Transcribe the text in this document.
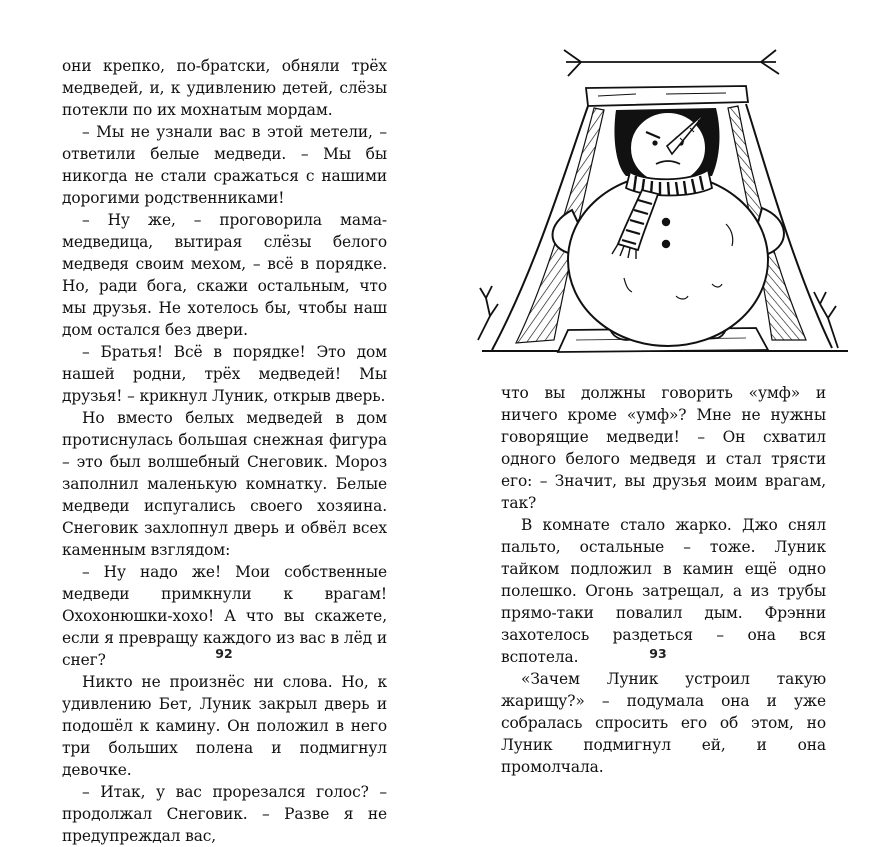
они крепко, по-братски, обняли трёх медведей, и, к удивлению детей, слёзы потекли по их мохнатым мордам.

– Мы не узнали вас в этой метели, – ответили белые медведи. – Мы бы никогда не стали сражаться с нашими дорогими родственниками!

– Ну же, – проговорила мама-медведица, вытирая слёзы белого медведя своим мехом, – всё в порядке. Но, ради бога, скажи остальным, что мы друзья. Не хотелось бы, чтобы наш дом остался без двери.

– Братья! Всё в порядке! Это дом нашей родни, трёх медведей! Мы друзья! – крикнул Луник, открыв дверь.

Но вместо белых медведей в дом протиснулась большая снежная фигура – это был волшебный Снеговик. Мороз заполнил маленькую комнатку. Белые медведи испугались своего хозяина. Снеговик захлопнул дверь и обвёл всех каменным взглядом:

– Ну надо же! Мои собственные медведи примкнули к врагам! Охохонюшки-хохо! А что вы скажете, если я превращу каждого из вас в лёд и снег?

Никто не произнёс ни слова. Но, к удивлению Бет, Луник закрыл дверь и подошёл к камину. Он положил в него три больших полена и подмигнул девочке.

– Итак, у вас прорезался голос? – продолжал Снеговик. – Разве я не предупреждал вас,

92

что вы должны говорить «умф» и ничего кроме «умф»? Мне не нужны говорящие медведи! – Он схватил одного белого медведя и стал трясти его: – Значит, вы друзья моим врагам, так?

В комнате стало жарко. Джо снял пальто, остальные – тоже. Луник тайком подложил в камин ещё одно полешко. Огонь затрещал, а из трубы прямо-таки повалил дым. Фрэнни захотелось раздеться – она вся вспотела.

«Зачем Луник устроил такую жарищу?» – подумала она и уже собралась спросить его об этом, но Луник подмигнул ей, и она промолчала.

93
